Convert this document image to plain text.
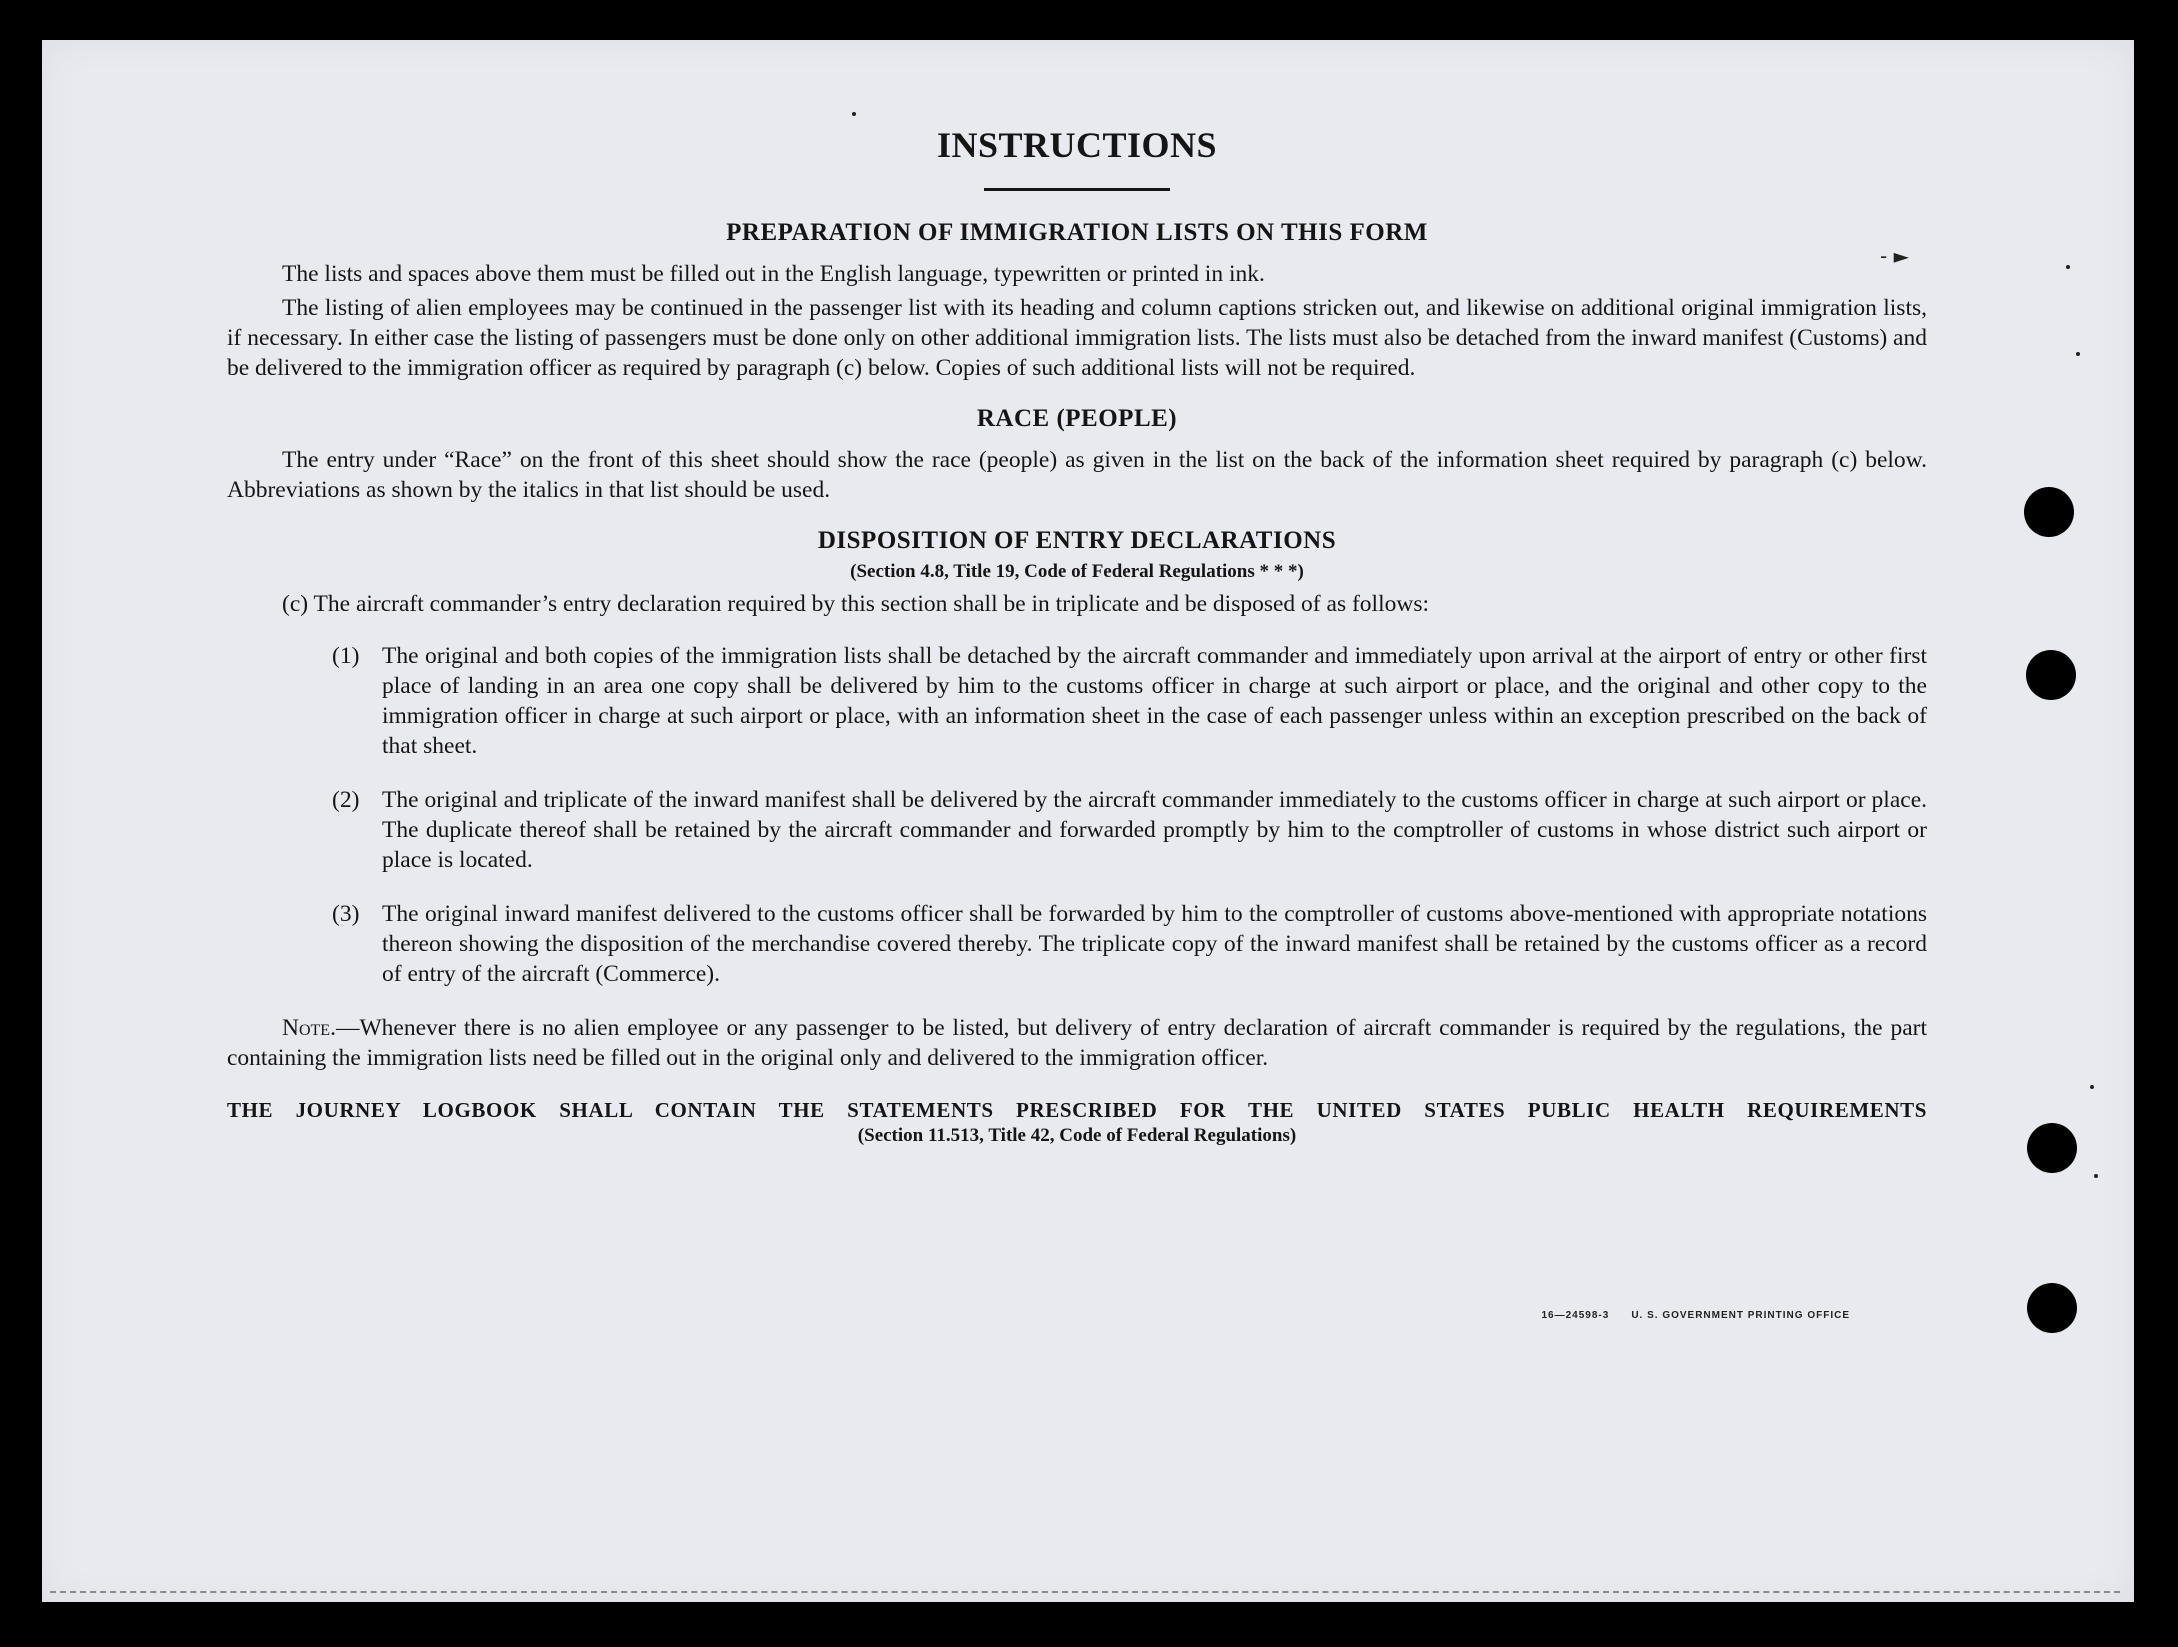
‐ ►
INSTRUCTIONS
PREPARATION OF IMMIGRATION LISTS ON THIS FORM

The lists and spaces above them must be filled out in the English language, typewritten or printed in ink.

The listing of alien employees may be continued in the passenger list with its heading and column captions stricken out, and likewise on additional original immigration lists, if necessary. In either case the listing of passengers must be done only on other additional immigration lists. The lists must also be detached from the inward manifest (Customs) and be delivered to the immigration officer as required by paragraph (c) below. Copies of such additional lists will not be required.

RACE (PEOPLE)

The entry under “Race” on the front of this sheet should show the race (people) as given in the list on the back of the information sheet required by paragraph (c) below. Abbreviations as shown by the italics in that list should be used.

DISPOSITION OF ENTRY DECLARATIONS
(Section 4.8, Title 19, Code of Federal Regulations * * *)

(c) The aircraft commander’s entry declaration required by this section shall be in triplicate and be disposed of as follows:

(1) The original and both copies of the immigration lists shall be detached by the aircraft commander and immediately upon arrival at the airport of entry or other first place of landing in an area one copy shall be delivered by him to the customs officer in charge at such airport or place, and the original and other copy to the immigration officer in charge at such airport or place, with an information sheet in the case of each passenger unless within an exception prescribed on the back of that sheet.
(2) The original and triplicate of the inward manifest shall be delivered by the aircraft commander immediately to the customs officer in charge at such airport or place. The duplicate thereof shall be retained by the aircraft commander and forwarded promptly by him to the comptroller of customs in whose district such airport or place is located.
(3) The original inward manifest delivered to the customs officer shall be forwarded by him to the comptroller of customs above-mentioned with appropriate notations thereon showing the disposition of the merchandise covered thereby. The triplicate copy of the inward manifest shall be retained by the customs officer as a record of entry of the aircraft (Commerce).

Note.—Whenever there is no alien employee or any passenger to be listed, but delivery of entry declaration of aircraft commander is required by the regulations, the part containing the immigration lists need be filled out in the original only and delivered to the immigration officer.

THE JOURNEY LOGBOOK SHALL CONTAIN THE STATEMENTS PRESCRIBED FOR THE UNITED STATES PUBLIC HEALTH REQUIREMENTS
(Section 11.513, Title 42, Code of Federal Regulations)
16—24598-3 U. S. GOVERNMENT PRINTING OFFICE
